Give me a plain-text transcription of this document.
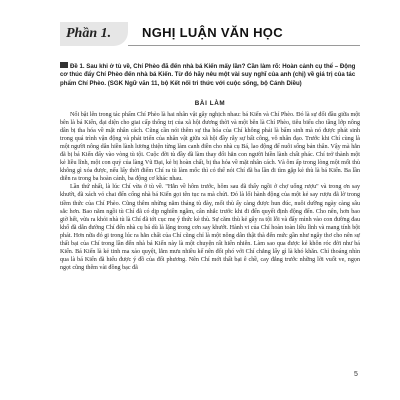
Phần 1.	NGHỊ LUẬN VĂN HỌC
Đề 1. Sau khi ở tù về, Chí Phèo đã đến nhà bá Kiến mấy lần? Cần làm rõ: Hoàn cảnh cụ thể – Động cơ thúc đẩy Chí Phèo đến nhà bá Kiến. Từ đó hãy nêu một vài suy nghĩ của anh (chị) về giá trị của tác phẩm Chí Phèo. (SGK Ngữ văn 11, bộ Kết nối tri thức với cuộc sống, bộ Cánh Diều)
BÀI LÀM

Nổi bật lên trong tác phẩm Chí Phèo là hai nhân vật gây nghịch nhau: bá Kiến và Chí Phèo. Đó là sự đối đầu giữa một bên là bá Kiến, đại diện cho giai cấp thống trị của xã hội đương thời và một bên là Chí Phèo, tiêu biểu cho tầng lớp nông dân bị tha hóa về mặt nhân cách. Cũng cần nói thêm sự tha hóa của Chí không phải là bẩm sinh mà nó được phát sinh trong quá trình vận động và phát triển của nhân vật giữa xã hội đầy rẫy sự bất công, vô nhân đạo. Trước khi Chí cùng là một người nông dân hiền lành lương thiện từng làm canh điền cho nhà cụ Bá, lao động để nuôi sống bản thân. Vậy mà hắn đã bị bá Kiến đẩy vào vòng tù tội. Cuộc đời tù đầy đã làm thay đổi hẳn con người hiền lành chất phác. Chí trở thành một kẻ liều lĩnh, một con quỷ của làng Vũ Đại, kẻ bị hoàn chất, bị tha hóa về mặt nhân cách. Và ôm ấp trong lòng một mối thù không gì xóa được, nếu lấy thời điểm Chí ra tù làm mốc thì có thể nói Chí đã ba lần đi tìm gặp kẻ thù là bá Kiến. Ba lần diễn ra trong ba hoàn cảnh, ba động cơ khác nhau.

Lần thứ nhất, là lúc Chí vừa ở tù về. "Hắn về hôm trước, hôm sau đã thấy ngồi ở chợ uống rượu" và trong ơn say khướt, đã xách vỏ chai đến cổng nhà bá Kiến gọi tên tục ra mà chửi. Đó là lối hành động của một kẻ say rượu đã lờ trong tiềm thức của Chí Phèo. Cũng thêm những năm tháng tù đày, mối thù ấy càng được hun đúc, nuôi dưỡng ngày càng sâu sắc hơn. Bao năm ngồi tù Chí đã có dịp nghiền ngẫm, cân nhắc trước khi đi đến quyết định động đến. Cho nên, hơn bao giờ hết, vừa ra khỏi nhà tù là Chí đã tới cục mẹ ý thức kẻ thù. Sự căm thù kẻ gây ra tội lỗi và đẩy mình vào con đường đau khổ đã dẫn đường Chí đến nhà cụ bá dù là lặng trong cơn say khướt. Hành vi của Chí hoàn toàn liều lĩnh và mang tính bột phát. Hơn nữa đó gi trong lúc ra hằn chất của Chí cũng chỉ là một nông dân thật thà đến mức gần như ngây thơ cho nên sự thất bại của Chí trong lần đến nhà bá Kiến này là một chuyện rất hiển nhiên. Làm sao qua được kẻ khôn róc đời như bá Kiến. Bá Kiến là kẻ tinh ma xảo quyệt, lắm mưu nhiều kế nên đối phó với Chí chẳng lấy gì là khó khăn. Chỉ thoáng nhìn qua là bá Kiến đã hiểu được ý đồ của đối phương. Nên Chí mới thất bại ê chề, cay đắng trước những lời vuốt ve, ngọn ngọt cũng thêm vài đồng bạc đã

5
